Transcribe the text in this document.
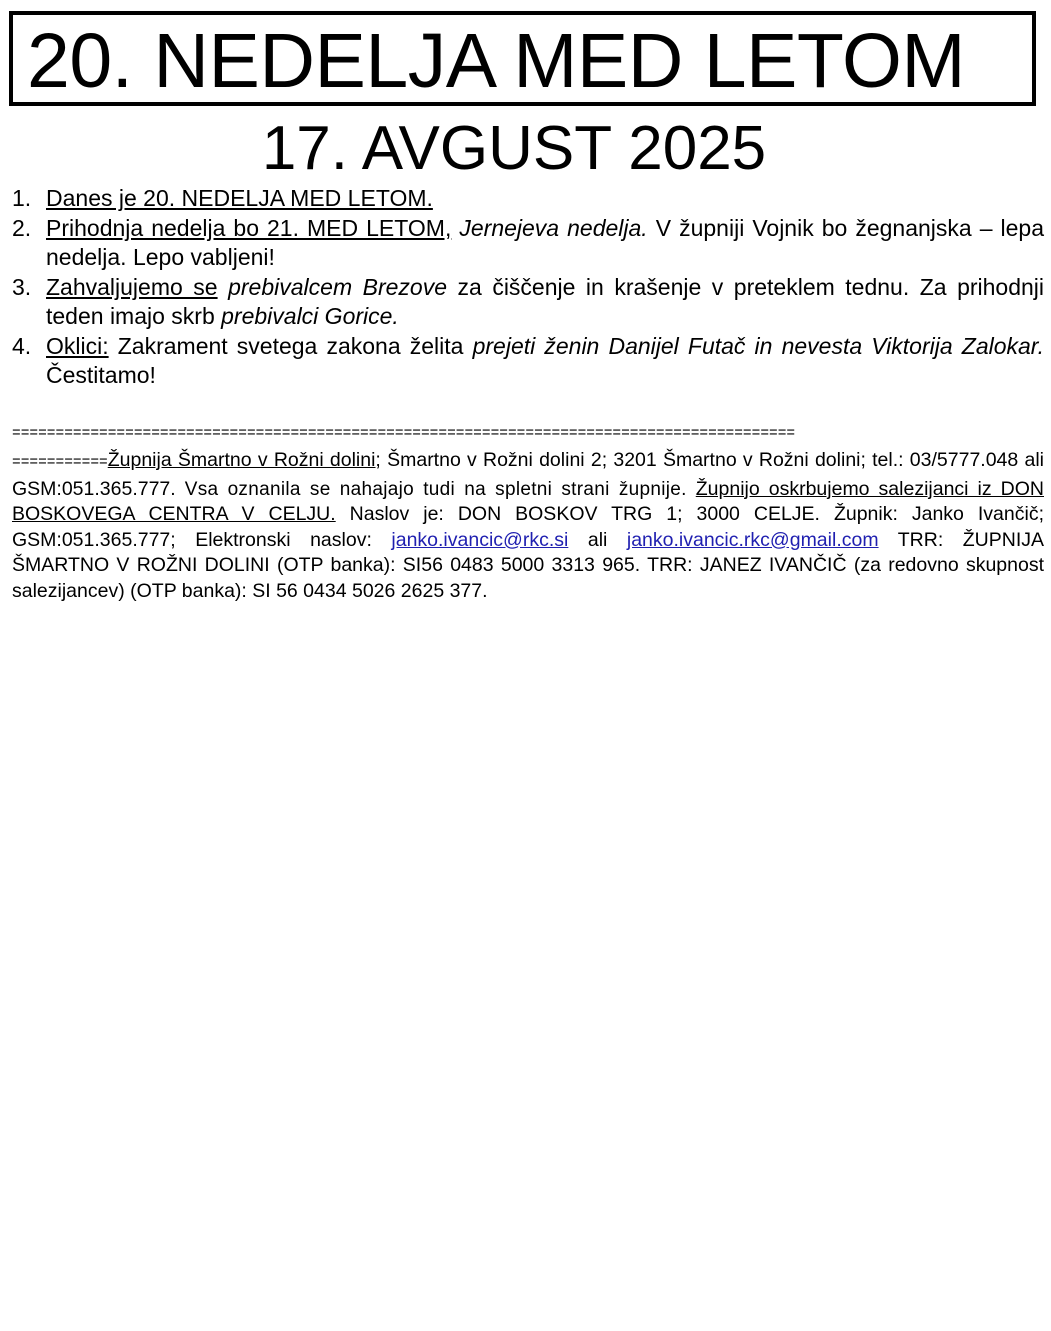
20. NEDELJA MED LETOM
17. AVGUST 2025
1. Danes je 20. NEDELJA MED LETOM.
2. Prihodnja nedelja bo 21. MED LETOM, Jernejeva nedelja. V župniji Vojnik bo žegnanjska – lepa nedelja. Lepo vabljeni!
3. Zahvaljujemo se prebivalcem Brezove za čiščenje in krašenje v preteklem tednu. Za prihodnji teden imajo skrb prebivalci Gorice.
4. Oklici: Zakrament svetega zakona želita prejeti ženin Danijel Futač in nevesta Viktorija Zalokar. Čestitamo!
==========================================================================================
===========Župnija Šmartno v Rožni dolini; Šmartno v Rožni dolini 2; 3201 Šmartno v Rožni dolini; tel.: 03/5777.048 ali GSM:051.365.777. Vsa oznanila se nahajajo tudi na spletni strani župnije. Župnijo oskrbujemo salezijanci iz DON BOSKOVEGA CENTRA V CELJU. Naslov je: DON BOSKOV TRG 1; 3000 CELJE. Župnik: Janko Ivančič; GSM:051.365.777; Elektronski naslov: janko.ivancic@rkc.si ali janko.ivancic.rkc@gmail.com TRR: ŽUPNIJA ŠMARTNO V ROŽNI DOLINI (OTP banka): SI56 0483 5000 3313 965. TRR: JANEZ IVANČIČ (za redovno skupnost salezijancev) (OTP banka): SI 56 0434 5026 2625 377.
